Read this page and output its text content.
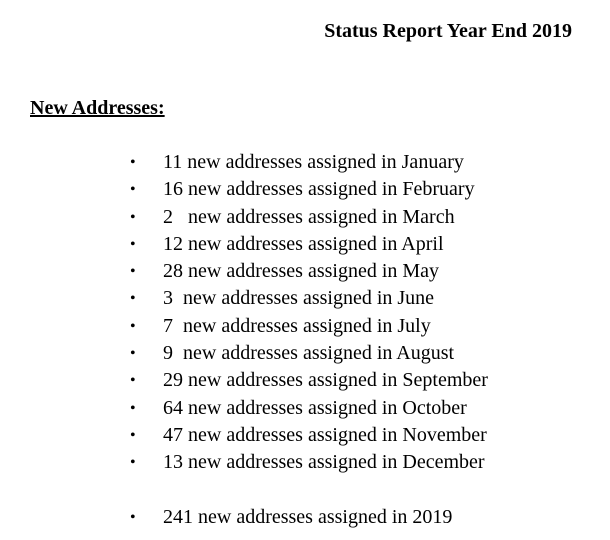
Status Report Year End 2019
New Addresses:
• 11 new addresses assigned in January
• 16 new addresses assigned in February
• 2   new addresses assigned in March
• 12 new addresses assigned in April
• 28 new addresses assigned in May
• 3  new addresses assigned in June
• 7  new addresses assigned in July
• 9  new addresses assigned in August
• 29 new addresses assigned in September
• 64 new addresses assigned in October
• 47 new addresses assigned in November
• 13 new addresses assigned in December
• 241 new addresses assigned in 2019
